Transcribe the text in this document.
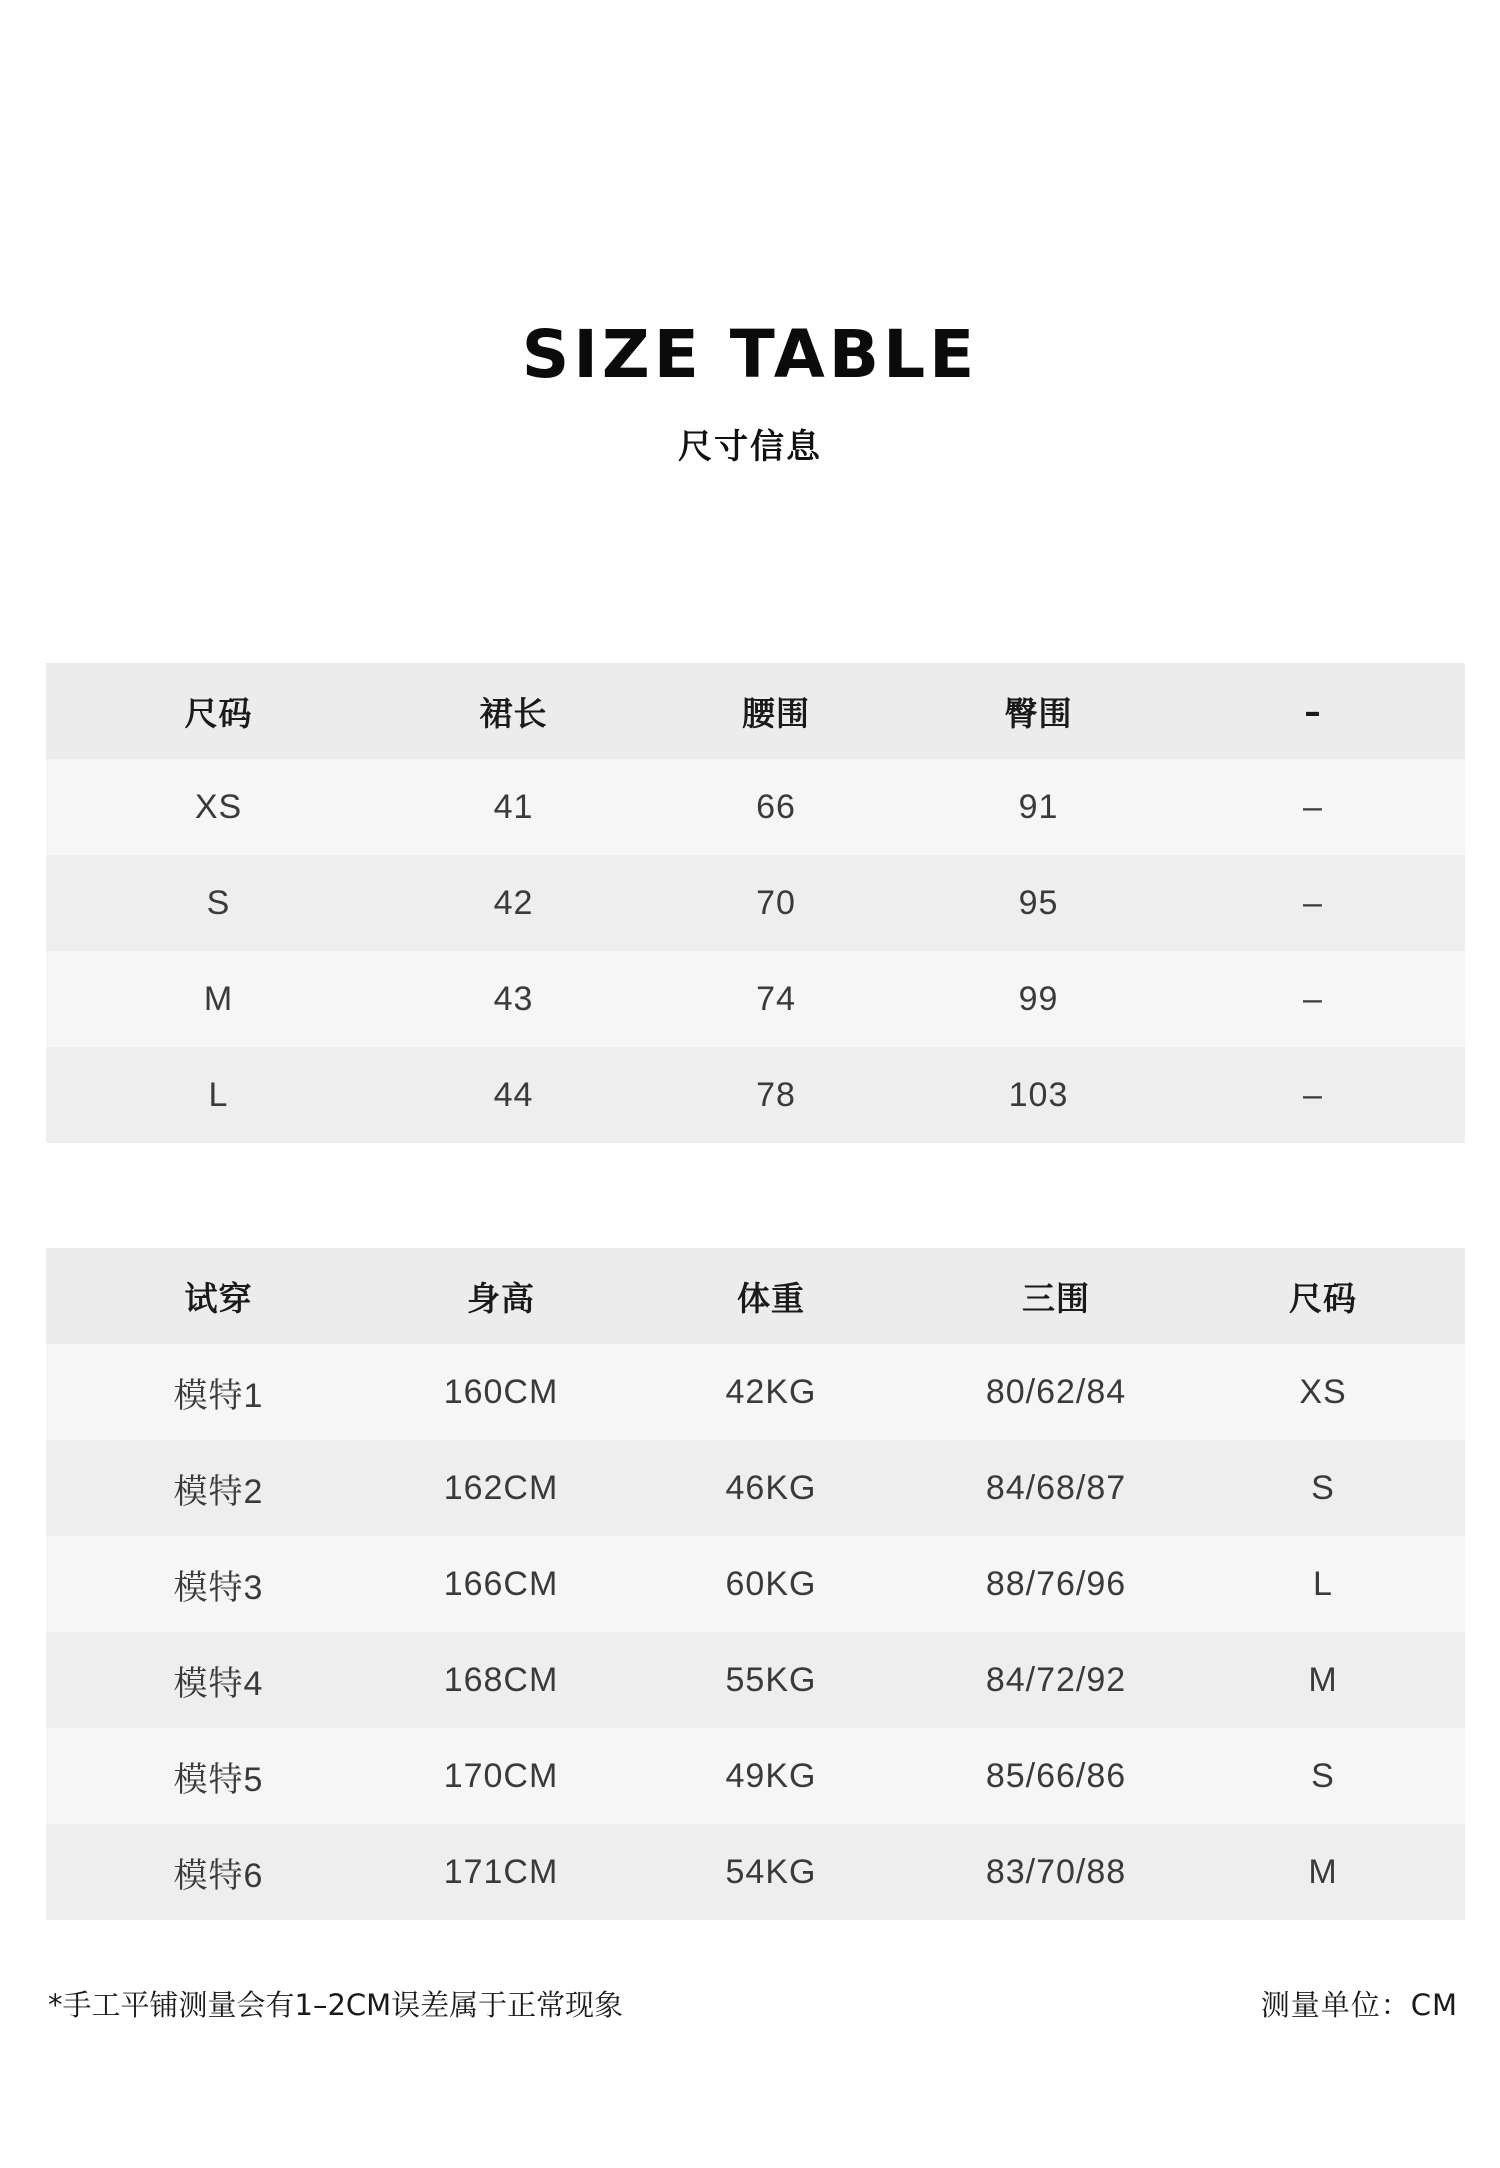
SIZE TABLE
尺寸信息
尺码	裙长	腰围	臀围	–
XS	41	66	91	–
S	42	70	95	–
M	43	74	99	–
L	44	78	103	–
试穿	身高	体重	三围	尺码
模特1	160CM	42KG	80/62/84	XS
模特2	162CM	46KG	84/68/87	S
模特3	166CM	60KG	88/76/96	L
模特4	168CM	55KG	84/72/92	M
模特5	170CM	49KG	85/66/86	S
模特6	171CM	54KG	83/70/88	M
*手工平铺测量会有1–2CM误差属于正常现象	测量单位：CM
